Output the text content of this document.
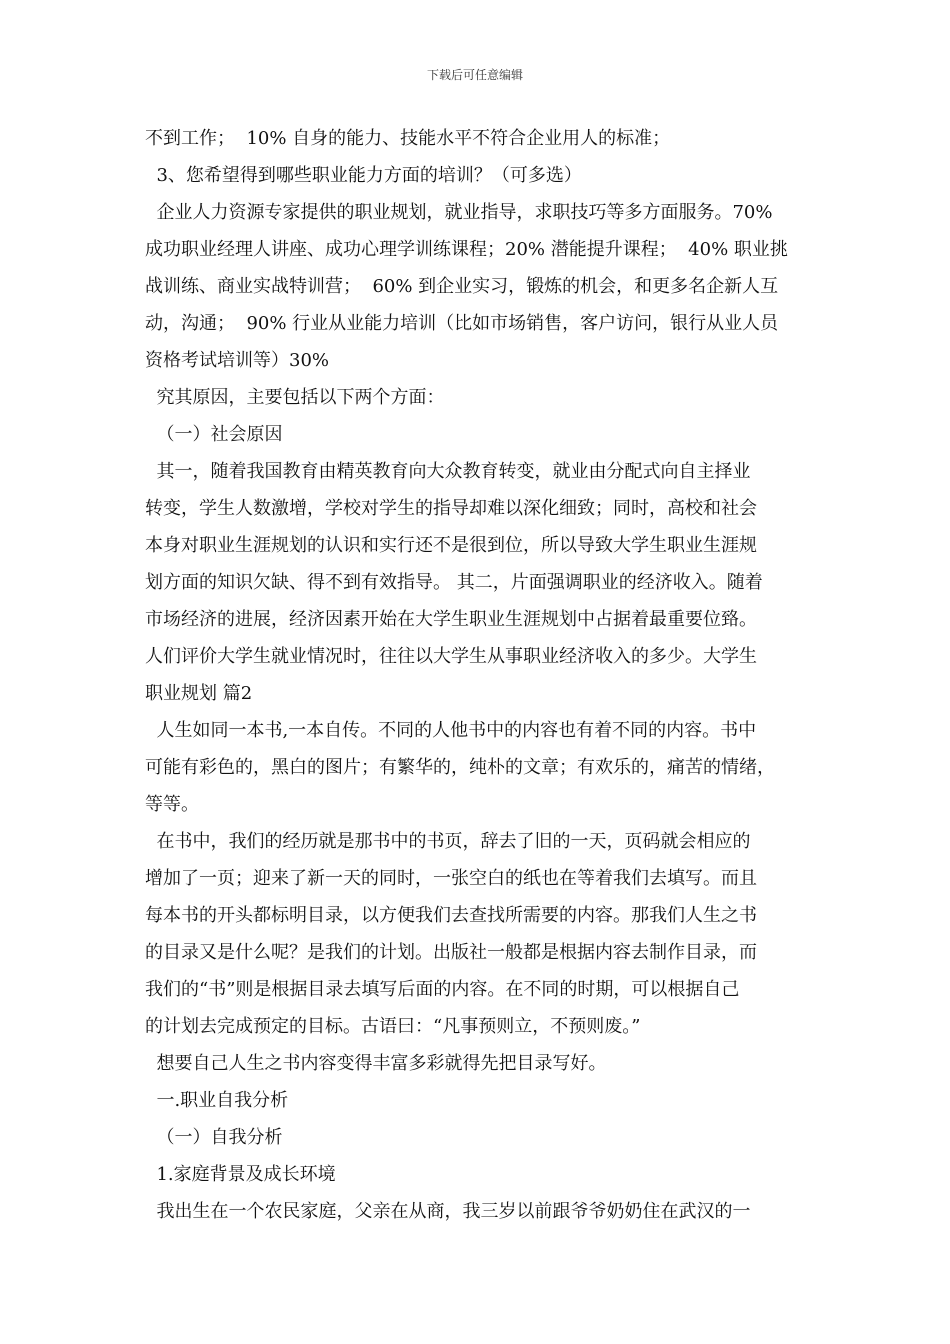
下载后可任意编辑
不到工作；  10% 自身的能力、技能水平不符合企业用人的标准；
3、您希望得到哪些职业能力方面的培训？（可多选）
企业人力资源专家提供的职业规划，就业指导，求职技巧等多方面服务。70%
成功职业经理人讲座、成功心理学训练课程；20% 潜能提升课程；  40% 职业挑
战训练、商业实战特训营；  60% 到企业实习，锻炼的机会，和更多名企新人互
动，沟通；  90% 行业从业能力培训（比如市场销售，客户访问，银行从业人员
资格考试培训等）30%
究其原因，主要包括以下两个方面：
（一）社会原因
其一，随着我国教育由精英教育向大众教育转变，就业由分配式向自主择业
转变，学生人数激增，学校对学生的指导却难以深化细致；同时，高校和社会
本身对职业生涯规划的认识和实行还不是很到位，所以导致大学生职业生涯规
划方面的知识欠缺、得不到有效指导。 其二，片面强调职业的经济收入。随着
市场经济的进展，经济因素开始在大学生职业生涯规划中占据着最重要位臵。
人们评价大学生就业情况时，往往以大学生从事职业经济收入的多少。大学生
职业规划 篇2
人生如同一本书,一本自传。不同的人他书中的内容也有着不同的内容。书中
可能有彩色的，黑白的图片；有繁华的，纯朴的文章；有欢乐的，痛苦的情绪，
等等。
在书中，我们的经历就是那书中的书页，辞去了旧的一天，页码就会相应的
增加了一页；迎来了新一天的同时，一张空白的纸也在等着我们去填写。而且
每本书的开头都标明目录，以方便我们去查找所需要的内容。那我们人生之书
的目录又是什么呢？是我们的计划。出版社一般都是根据内容去制作目录，而
我们的“书”则是根据目录去填写后面的内容。在不同的时期，可以根据自己
的计划去完成预定的目标。古语曰：“凡事预则立，不预则废。”
想要自己人生之书内容变得丰富多彩就得先把目录写好。
一.职业自我分析
（一）自我分析
1.家庭背景及成长环境
我出生在一个农民家庭，父亲在从商，我三岁以前跟爷爷奶奶住在武汉的一
